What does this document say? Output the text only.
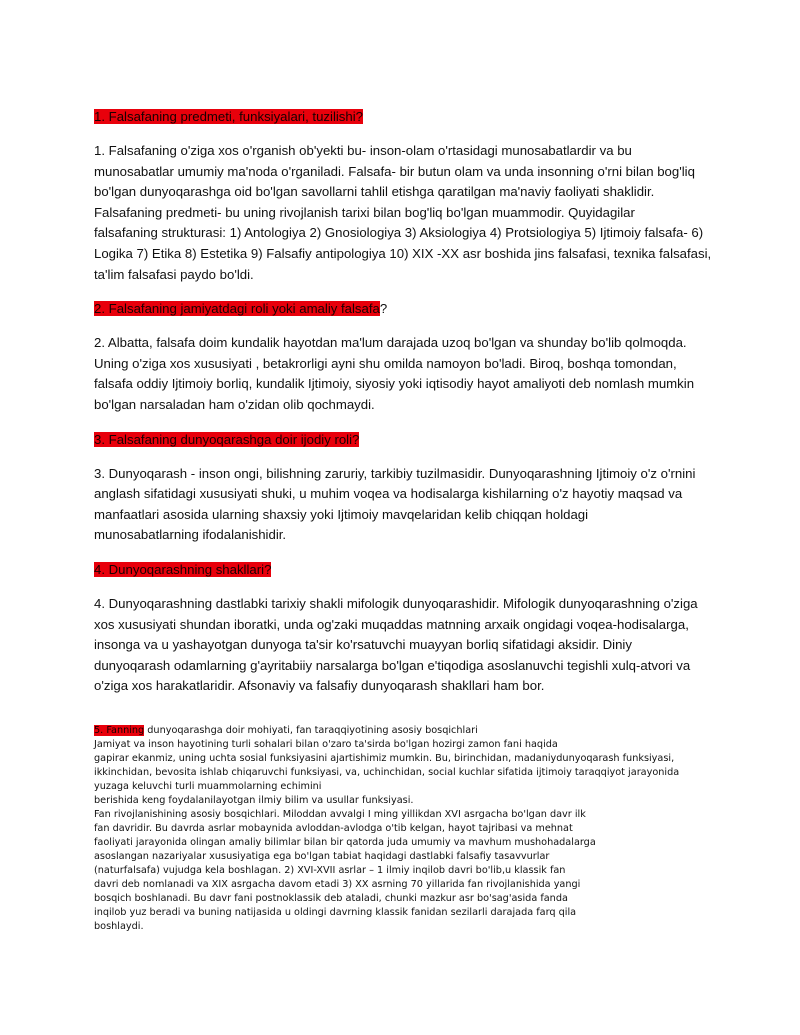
1. Falsafaning predmeti, funksiyalari, tuzilishi?

1. Falsafaning o'ziga xos o'rganish ob'yekti bu- inson-olam o'rtasidagi munosabatlardir va bu
munosabatlar umumiy ma'noda o'rganiladi. Falsafa- bir butun olam va unda insonning o'rni bilan bog'liq
bo'lgan dunyoqarashga oid bo'lgan savollarni tahlil etishga qaratilgan ma'naviy faoliyati shaklidir.
Falsafaning predmeti- bu uning rivojlanish tarixi bilan bog'liq bo'lgan muammodir. Quyidagilar
falsafaning strukturasi: 1) Antologiya 2) Gnosiologiya 3) Aksiologiya 4) Protsiologiya 5) Ijtimoiy falsafa- 6)
Logika 7) Etika 8) Estetika 9) Falsafiy antipologiya 10) XIX -XX asr boshida jins falsafasi, texnika falsafasi,
ta'lim falsafasi paydo bo'ldi.

2. Falsafaning jamiyatdagi roli yoki amaliy falsafa?

2. Albatta, falsafa doim kundalik hayotdan ma'lum darajada uzoq bo'lgan va shunday bo'lib qolmoqda.
Uning o'ziga xos xususiyati , betakrorligi ayni shu omilda namoyon bo'ladi. Biroq, boshqa tomondan,
falsafa oddiy Ijtimoiy borliq, kundalik Ijtimoiy, siyosiy yoki iqtisodiy hayot amaliyoti deb nomlash mumkin
bo'lgan narsaladan ham o'zidan olib qochmaydi.

3. Falsafaning dunyoqarashga doir ijodiy roli?

3. Dunyoqarash - inson ongi, bilishning zaruriy, tarkibiy tuzilmasidir. Dunyoqarashning Ijtimoiy o'z o'rnini
anglash sifatidagi xususiyati shuki, u muhim voqea va hodisalarga kishilarning o'z hayotiy maqsad va
manfaatlari asosida ularning shaxsiy yoki Ijtimoiy mavqelaridan kelib chiqqan holdagi
munosabatlarning ifodalanishidir.

4. Dunyoqarashning shakllari?

4. Dunyoqarashning dastlabki tarixiy shakli mifologik dunyoqarashidir. Mifologik dunyoqarashning o'ziga
xos xususiyati shundan iboratki, unda og'zaki muqaddas matnning arxaik ongidagi voqea-hodisalarga,
insonga va u yashayotgan dunyoga ta'sir ko'rsatuvchi muayyan borliq sifatidagi aksidir. Diniy
dunyoqarash odamlarning g'ayritabiiy narsalarga bo'lgan e'tiqodiga asoslanuvchi tegishli xulq-atvori va
o'ziga xos harakatlaridir. Afsonaviy va falsafiy dunyoqarash shakllari ham bor.
5. Fanning dunyoqarashga doir mohiyati, fan taraqqiyotining asosiy bosqichlari
Jamiyat va inson hayotining turli sohalari bilan o'zaro ta'sirda bo'lgan hozirgi zamon fani haqida
gapirar ekanmiz, uning uchta sosial funksiyasini ajartishimiz mumkin. Bu, birinchidan, madaniydunyoqarash funksiyasi,
ikkinchidan, bevosita ishlab chiqaruvchi funksiyasi, va, uchinchidan, social kuchlar sifatida ijtimoiy taraqqiyot jarayonida
yuzaga keluvchi turli muammolarning echimini
berishida keng foydalanilayotgan ilmiy bilim va usullar funksiyasi.
Fan rivojlanishining asosiy bosqichlari. Miloddan avvalgi I ming yillikdan XVI asrgacha bo'lgan davr ilk
fan davridir. Bu davrda asrlar mobaynida avloddan-avlodga o'tib kelgan, hayot tajribasi va mehnat
faoliyati jarayonida olingan amaliy bilimlar bilan bir qatorda juda umumiy va mavhum mushohadalarga
asoslangan nazariyalar xususiyatiga ega bo'lgan tabiat haqidagi dastlabki falsafiy tasavvurlar
(naturfalsafa) vujudga kela boshlagan. 2) XVI-XVII asrlar – 1 ilmiy inqilob davri bo'lib,u klassik fan
davri deb nomlanadi va XIX asrgacha davom etadi 3) XX asrning 70 yillarida fan rivojlanishida yangi
bosqich boshlanadi. Bu davr fani postnoklassik deb ataladi, chunki mazkur asr bo'sag'asida fanda
inqilob yuz beradi va buning natijasida u oldingi davrning klassik fanidan sezilarli darajada farq qila
boshlaydi.
